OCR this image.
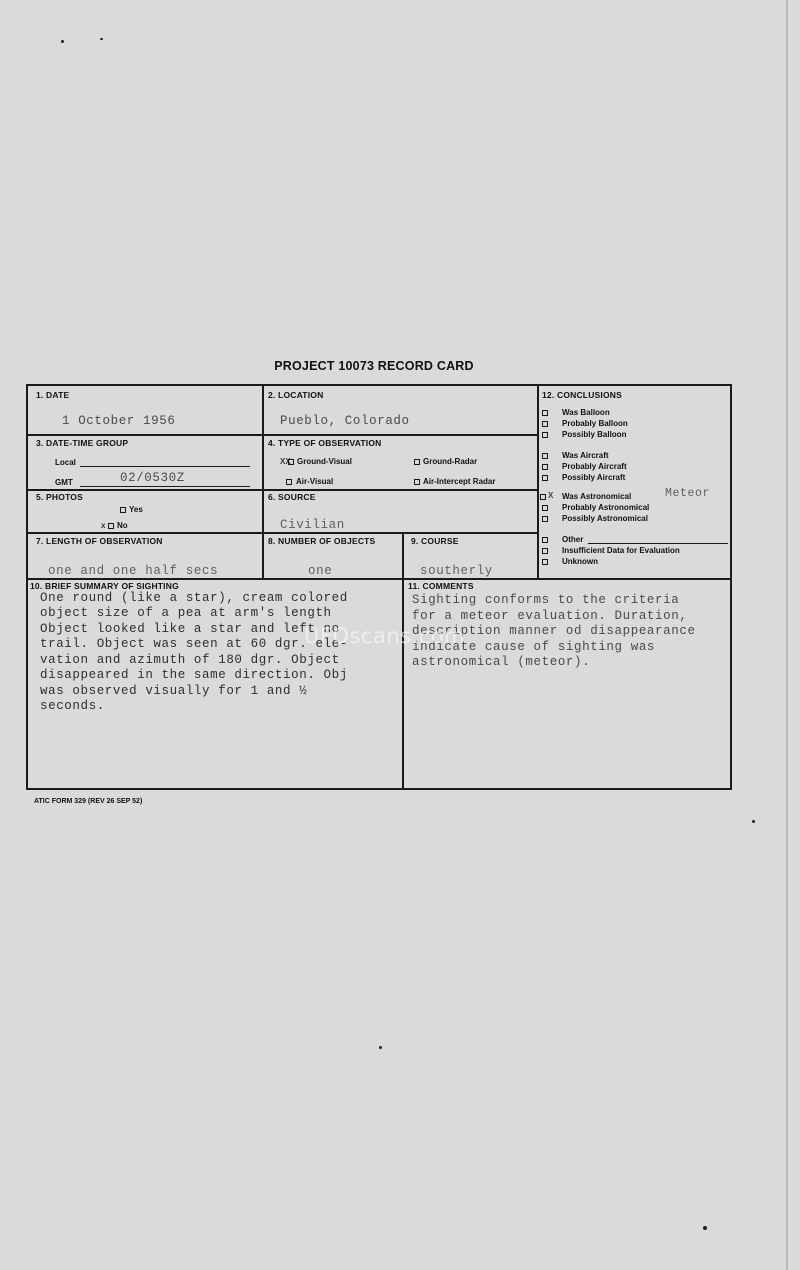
PROJECT 10073 RECORD CARD
1. DATE
1 October 1956
2. LOCATION
Pueblo, Colorado
3. DATE-TIME GROUP
Local
GMT	02/0530Z
4. TYPE OF OBSERVATION
XX Ground-Visual	Ground-Radar
Air-Visual	Air-Intercept Radar
5. PHOTOS
Yes
x No
6. SOURCE
Civilian
7. LENGTH OF OBSERVATION
one and one half secs
8. NUMBER OF OBJECTS
one
9. COURSE
southerly
10. BRIEF SUMMARY OF SIGHTING
One round (like a star), cream colored
object size of a pea at arm's length
Object looked like a star and left no
trail. Object was seen at 60 dgr. ele-
vation and azimuth of 180 dgr. Object
disappeared in the same direction. Obj
was observed visually for 1 and ½
seconds.
11. COMMENTS
Sighting conforms to the criteria
for a meteor evaluation. Duration,
description manner od disappearance
indicate cause of sighting was
astronomical (meteor).
12. CONCLUSIONS
Was Balloon
Probably Balloon
Possibly Balloon
Was Aircraft
Probably Aircraft
Possibly Aircraft
X Was Astronomical	Meteor
Probably Astronomical
Possibly Astronomical
Other
Insufficient Data for Evaluation
Unknown
UFOscans.com
ATIC FORM 329 (REV 26 SEP 52)
